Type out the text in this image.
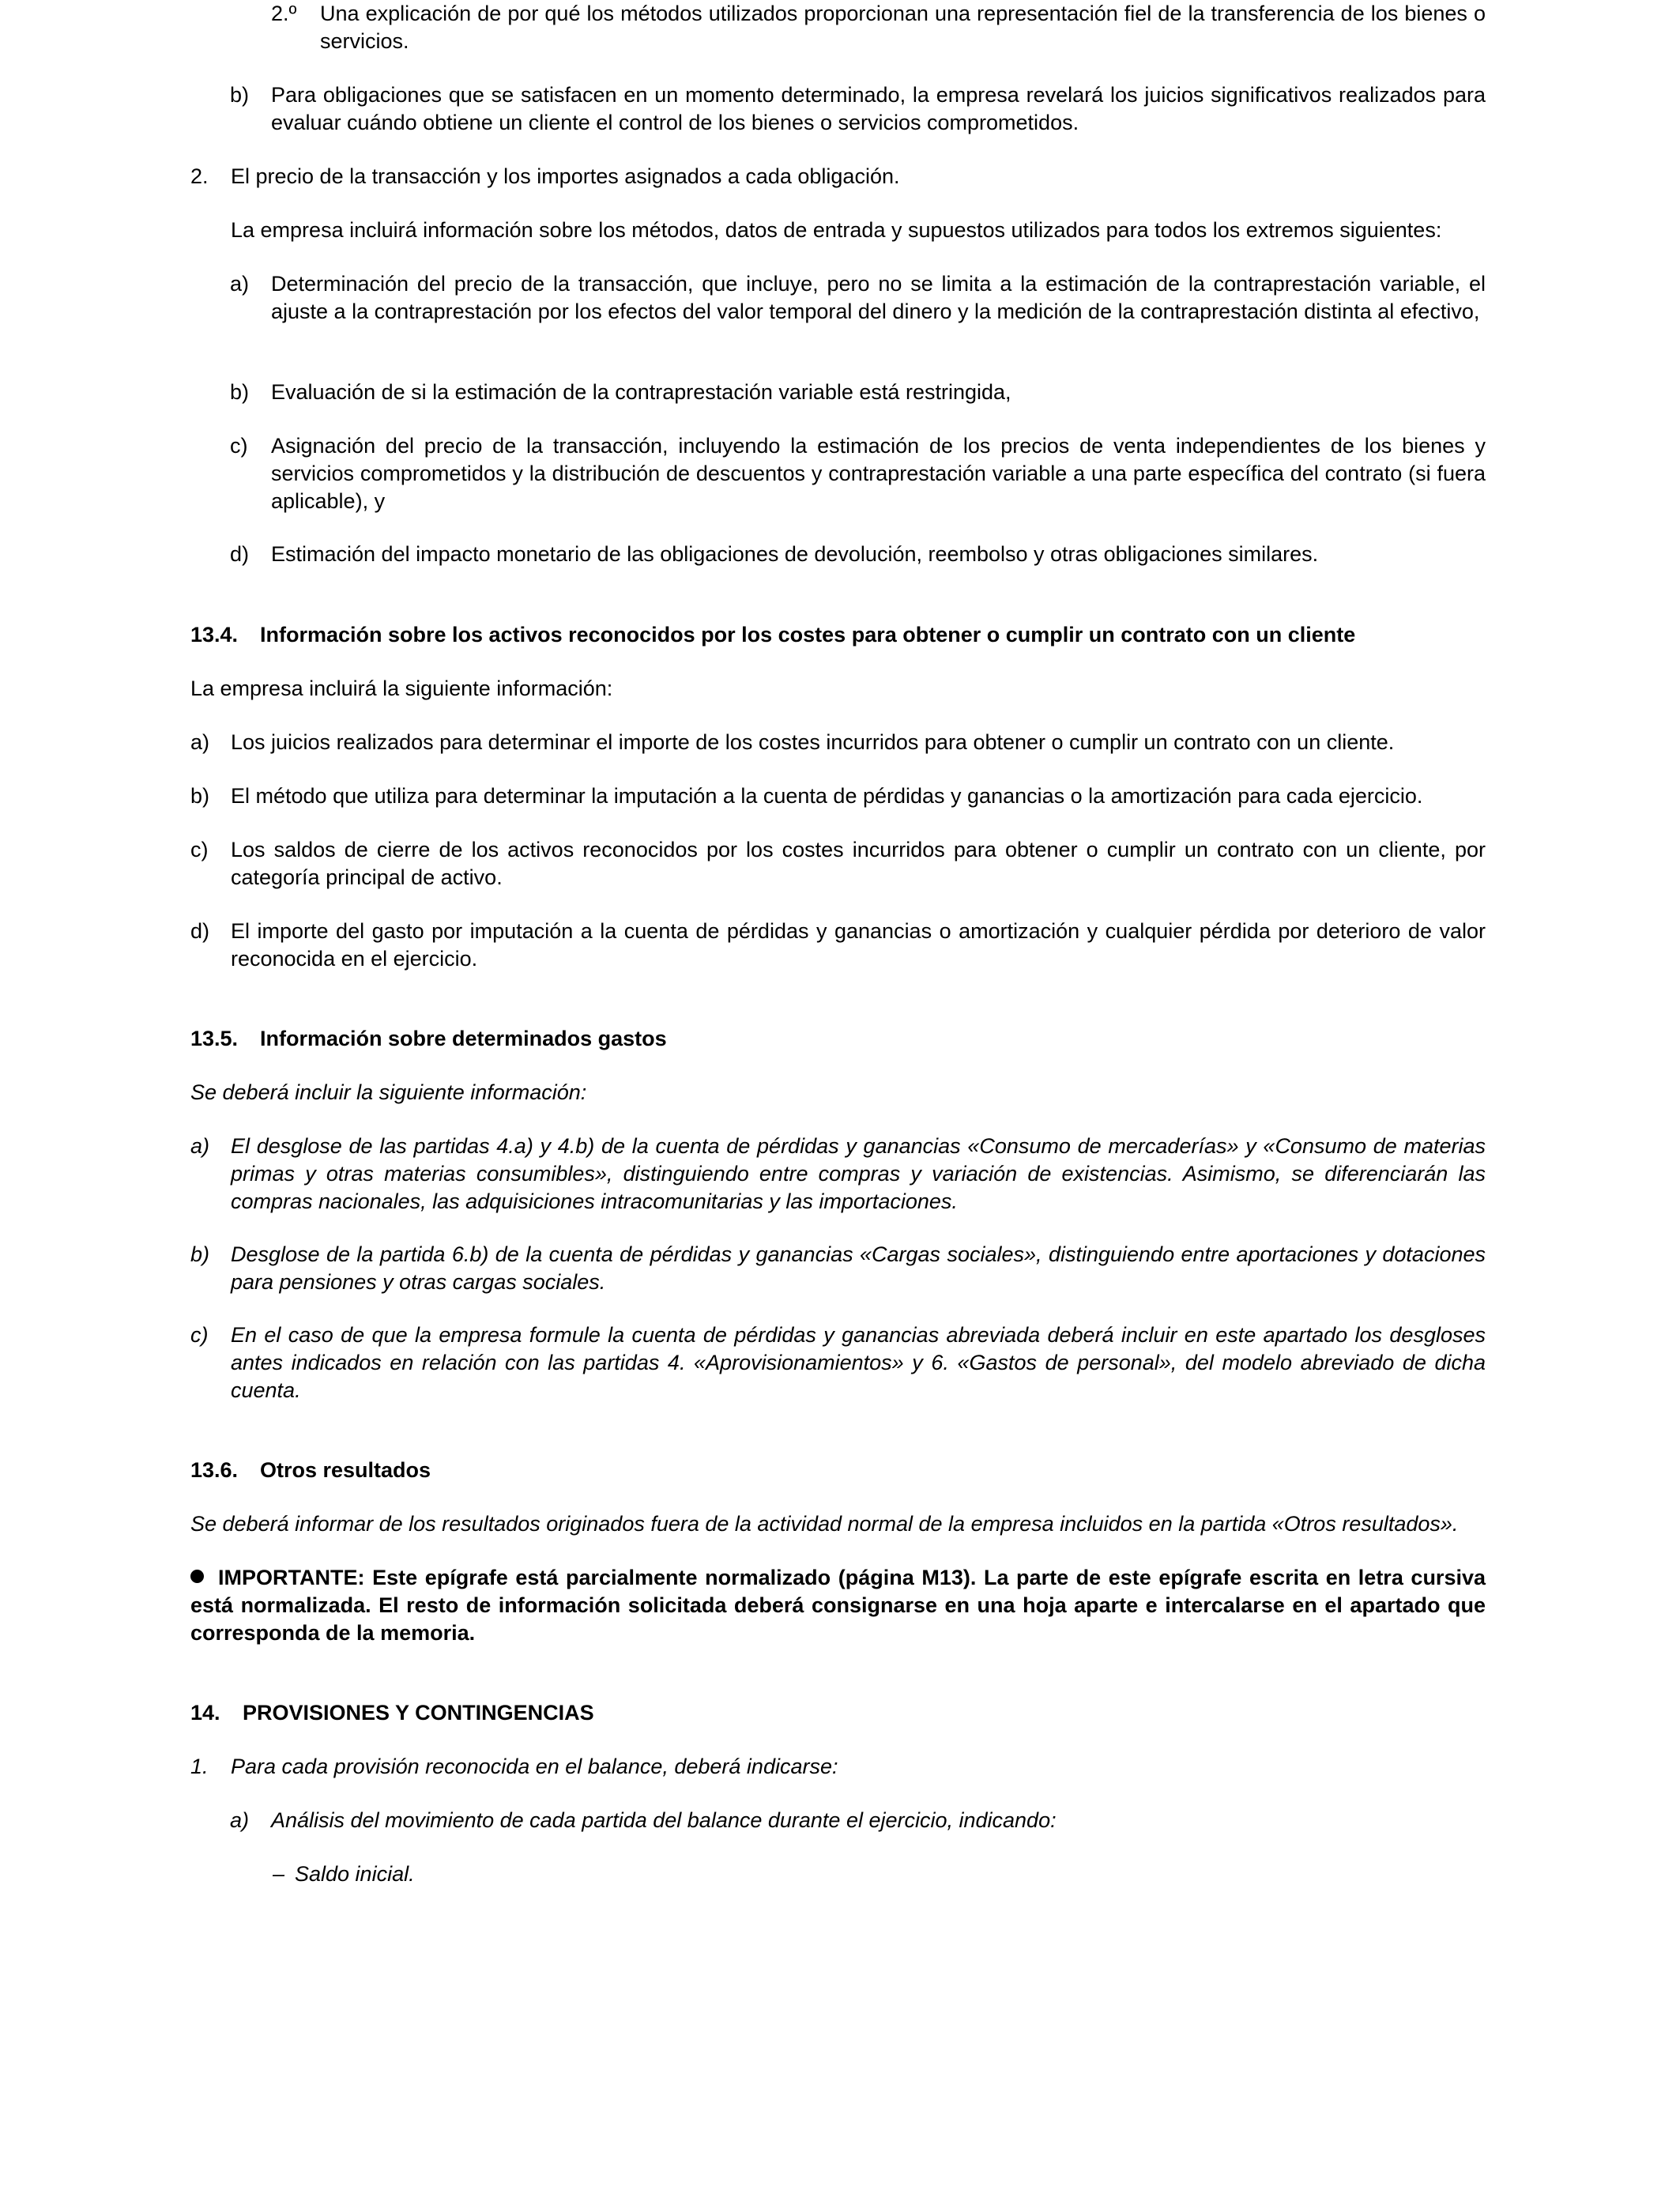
2.º Una explicación de por qué los métodos utilizados proporcionan una representación fiel de la transferencia de los bienes o servicios.

b) Para obligaciones que se satisfacen en un momento determinado, la empresa revelará los juicios significativos realizados para evaluar cuándo obtiene un cliente el control de los bienes o servicios comprometidos.

2. El precio de la transacción y los importes asignados a cada obligación.

La empresa incluirá información sobre los métodos, datos de entrada y supuestos utilizados para todos los extremos siguientes:

a) Determinación del precio de la transacción, que incluye, pero no se limita a la estimación de la contraprestación variable, el ajuste a la contraprestación por los efectos del valor temporal del dinero y la medición de la contraprestación distinta al efectivo,

b) Evaluación de si la estimación de la contraprestación variable está restringida,

c) Asignación del precio de la transacción, incluyendo la estimación de los precios de venta independientes de los bienes y servicios comprometidos y la distribución de descuentos y contraprestación variable a una parte específica del contrato (si fuera aplicable), y

d) Estimación del impacto monetario de las obligaciones de devolución, reembolso y otras obligaciones similares.

13.4. Información sobre los activos reconocidos por los costes para obtener o cumplir un contrato con un cliente

La empresa incluirá la siguiente información:

a) Los juicios realizados para determinar el importe de los costes incurridos para obtener o cumplir un contrato con un cliente.

b) El método que utiliza para determinar la imputación a la cuenta de pérdidas y ganancias o la amortización para cada ejercicio.

c) Los saldos de cierre de los activos reconocidos por los costes incurridos para obtener o cumplir un contrato con un cliente, por categoría principal de activo.

d) El importe del gasto por imputación a la cuenta de pérdidas y ganancias o amortización y cualquier pérdida por deterioro de valor reconocida en el ejercicio.

13.5. Información sobre determinados gastos

Se deberá incluir la siguiente información:

a) El desglose de las partidas 4.a) y 4.b) de la cuenta de pérdidas y ganancias «Consumo de mercaderías» y «Consumo de materias primas y otras materias consumibles», distinguiendo entre compras y variación de existencias. Asimismo, se diferenciarán las compras nacionales, las adquisiciones intracomunitarias y las importaciones.

b) Desglose de la partida 6.b) de la cuenta de pérdidas y ganancias «Cargas sociales», distinguiendo entre aportaciones y dotaciones para pensiones y otras cargas sociales.

c) En el caso de que la empresa formule la cuenta de pérdidas y ganancias abreviada deberá incluir en este apartado los desgloses antes indicados en relación con las partidas 4. «Aprovisionamientos» y 6. «Gastos de personal», del modelo abreviado de dicha cuenta.

13.6. Otros resultados

Se deberá informar de los resultados originados fuera de la actividad normal de la empresa incluidos en la partida «Otros resultados».

IMPORTANTE: Este epígrafe está parcialmente normalizado (página M13). La parte de este epígrafe escrita en letra cursiva está normalizada. El resto de información solicitada deberá consignarse en una hoja aparte e intercalarse en el apartado que corresponda de la memoria.

14. PROVISIONES Y CONTINGENCIAS
1. Para cada provisión reconocida en el balance, deberá indicarse:

a) Análisis del movimiento de cada partida del balance durante el ejercicio, indicando:

– Saldo inicial.
